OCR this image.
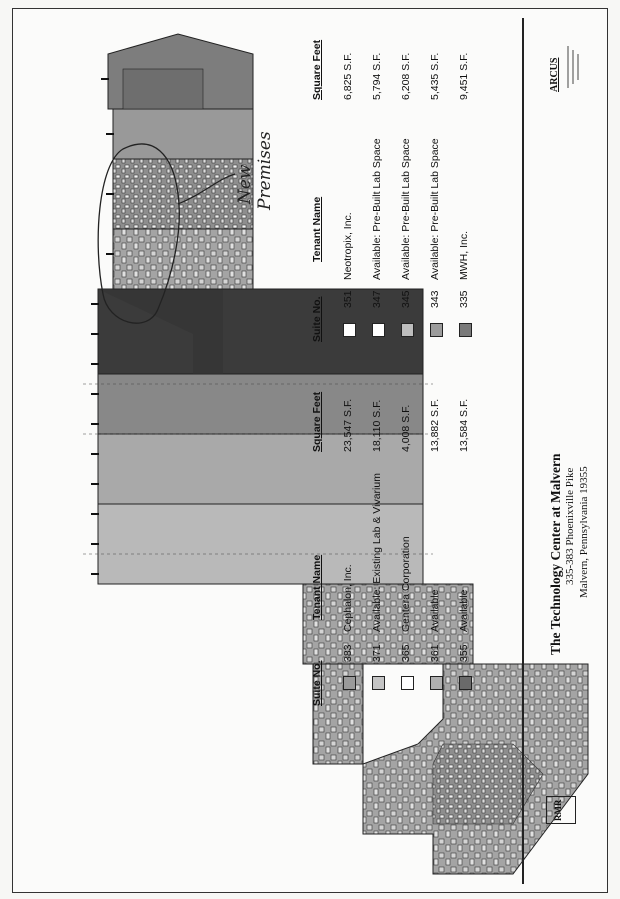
New Premises
Suite No.
Tenant Name
Square Feet
383
Cephalon, Inc.
23,547 S.F.
371
Available: Existing Lab & Vivarium
18,110 S.F.
365
Gentera Corporation
4,008 S.F.
361
Available
13,882 S.F.
355
Available
13,584 S.F.
Suite No.
Tenant Name
Square Feet
351
Neotropix, Inc.
6,825 S.F.
347
Available: Pre-Built Lab Space
5,794 S.F.
345
Available: Pre-Built Lab Space
6,208 S.F.
343
Available: Pre-Built Lab Space
5,435 S.F.
335
MWH, Inc.
9,451 S.F.
The Technology Center at Malvern 335-383 Phoenixville Pike Malvern, Pennsylvania 19355
RMR
ARCUS
